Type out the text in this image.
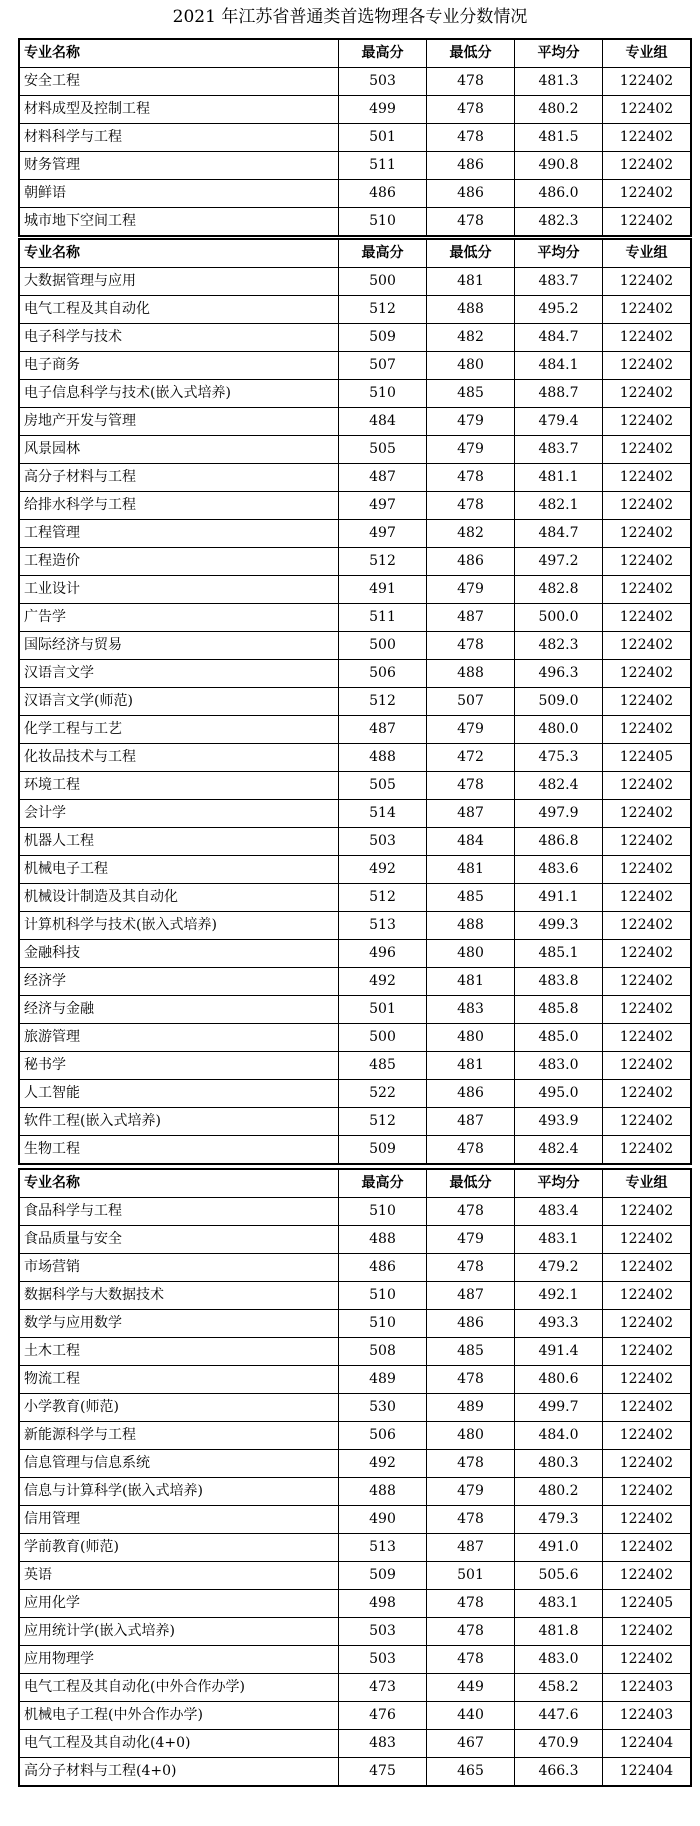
2021 年江苏省普通类首选物理各专业分数情况
专业名称	最高分	最低分	平均分	专业组
安全工程	503	478	481.3	122402
材料成型及控制工程	499	478	480.2	122402
材料科学与工程	501	478	481.5	122402
财务管理	511	486	490.8	122402
朝鲜语	486	486	486.0	122402
城市地下空间工程	510	478	482.3	122402
专业名称	最高分	最低分	平均分	专业组
大数据管理与应用	500	481	483.7	122402
电气工程及其自动化	512	488	495.2	122402
电子科学与技术	509	482	484.7	122402
电子商务	507	480	484.1	122402
电子信息科学与技术(嵌入式培养)	510	485	488.7	122402
房地产开发与管理	484	479	479.4	122402
风景园林	505	479	483.7	122402
高分子材料与工程	487	478	481.1	122402
给排水科学与工程	497	478	482.1	122402
工程管理	497	482	484.7	122402
工程造价	512	486	497.2	122402
工业设计	491	479	482.8	122402
广告学	511	487	500.0	122402
国际经济与贸易	500	478	482.3	122402
汉语言文学	506	488	496.3	122402
汉语言文学(师范)	512	507	509.0	122402
化学工程与工艺	487	479	480.0	122402
化妆品技术与工程	488	472	475.3	122405
环境工程	505	478	482.4	122402
会计学	514	487	497.9	122402
机器人工程	503	484	486.8	122402
机械电子工程	492	481	483.6	122402
机械设计制造及其自动化	512	485	491.1	122402
计算机科学与技术(嵌入式培养)	513	488	499.3	122402
金融科技	496	480	485.1	122402
经济学	492	481	483.8	122402
经济与金融	501	483	485.8	122402
旅游管理	500	480	485.0	122402
秘书学	485	481	483.0	122402
人工智能	522	486	495.0	122402
软件工程(嵌入式培养)	512	487	493.9	122402
生物工程	509	478	482.4	122402
专业名称	最高分	最低分	平均分	专业组
食品科学与工程	510	478	483.4	122402
食品质量与安全	488	479	483.1	122402
市场营销	486	478	479.2	122402
数据科学与大数据技术	510	487	492.1	122402
数学与应用数学	510	486	493.3	122402
土木工程	508	485	491.4	122402
物流工程	489	478	480.6	122402
小学教育(师范)	530	489	499.7	122402
新能源科学与工程	506	480	484.0	122402
信息管理与信息系统	492	478	480.3	122402
信息与计算科学(嵌入式培养)	488	479	480.2	122402
信用管理	490	478	479.3	122402
学前教育(师范)	513	487	491.0	122402
英语	509	501	505.6	122402
应用化学	498	478	483.1	122405
应用统计学(嵌入式培养)	503	478	481.8	122402
应用物理学	503	478	483.0	122402
电气工程及其自动化(中外合作办学)	473	449	458.2	122403
机械电子工程(中外合作办学)	476	440	447.6	122403
电气工程及其自动化(4+0)	483	467	470.9	122404
高分子材料与工程(4+0)	475	465	466.3	122404
